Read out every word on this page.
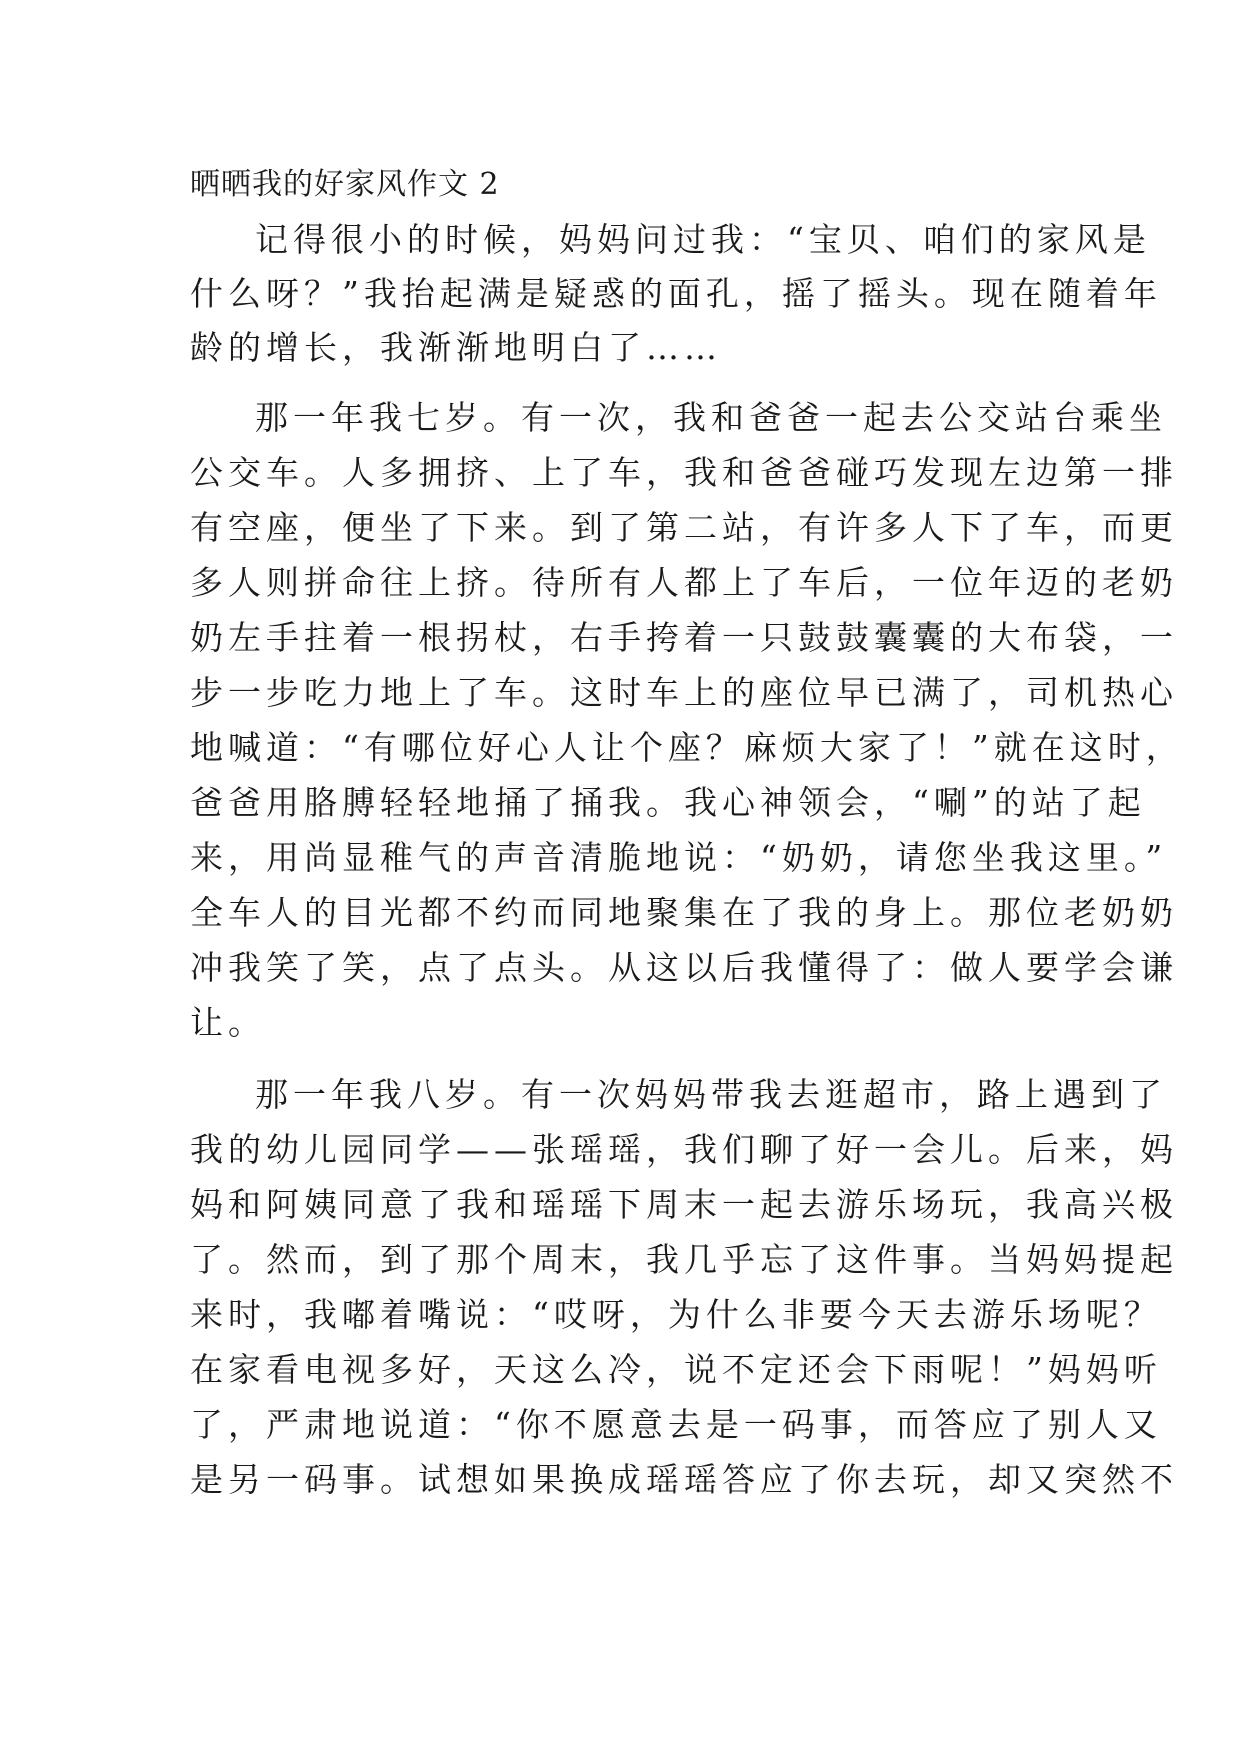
晒晒我的好家风作文 2
记得很小的时候，妈妈问过我：“宝贝、咱们的家风是
什么呀？”我抬起满是疑惑的面孔，摇了摇头。现在随着年
龄的增长，我渐渐地明白了……
那一年我七岁。有一次，我和爸爸一起去公交站台乘坐
公交车。人多拥挤、上了车，我和爸爸碰巧发现左边第一排
有空座，便坐了下来。到了第二站，有许多人下了车，而更
多人则拼命往上挤。待所有人都上了车后，一位年迈的老奶
奶左手拄着一根拐杖，右手挎着一只鼓鼓囊囊的大布袋，一
步一步吃力地上了车。这时车上的座位早已满了，司机热心
地喊道：“有哪位好心人让个座？麻烦大家了！”就在这时，
爸爸用胳膊轻轻地捅了捅我。我心神领会，“唰”的站了起
来，用尚显稚气的声音清脆地说：“奶奶，请您坐我这里。”
全车人的目光都不约而同地聚集在了我的身上。那位老奶奶
冲我笑了笑，点了点头。从这以后我懂得了：做人要学会谦
让。
那一年我八岁。有一次妈妈带我去逛超市，路上遇到了
我的幼儿园同学——张瑶瑶，我们聊了好一会儿。后来，妈
妈和阿姨同意了我和瑶瑶下周末一起去游乐场玩，我高兴极
了。然而，到了那个周末，我几乎忘了这件事。当妈妈提起
来时，我嘟着嘴说：“哎呀，为什么非要今天去游乐场呢？
在家看电视多好，天这么冷，说不定还会下雨呢！”妈妈听
了，严肃地说道：“你不愿意去是一码事，而答应了别人又
是另一码事。试想如果换成瑶瑶答应了你去玩，却又突然不
